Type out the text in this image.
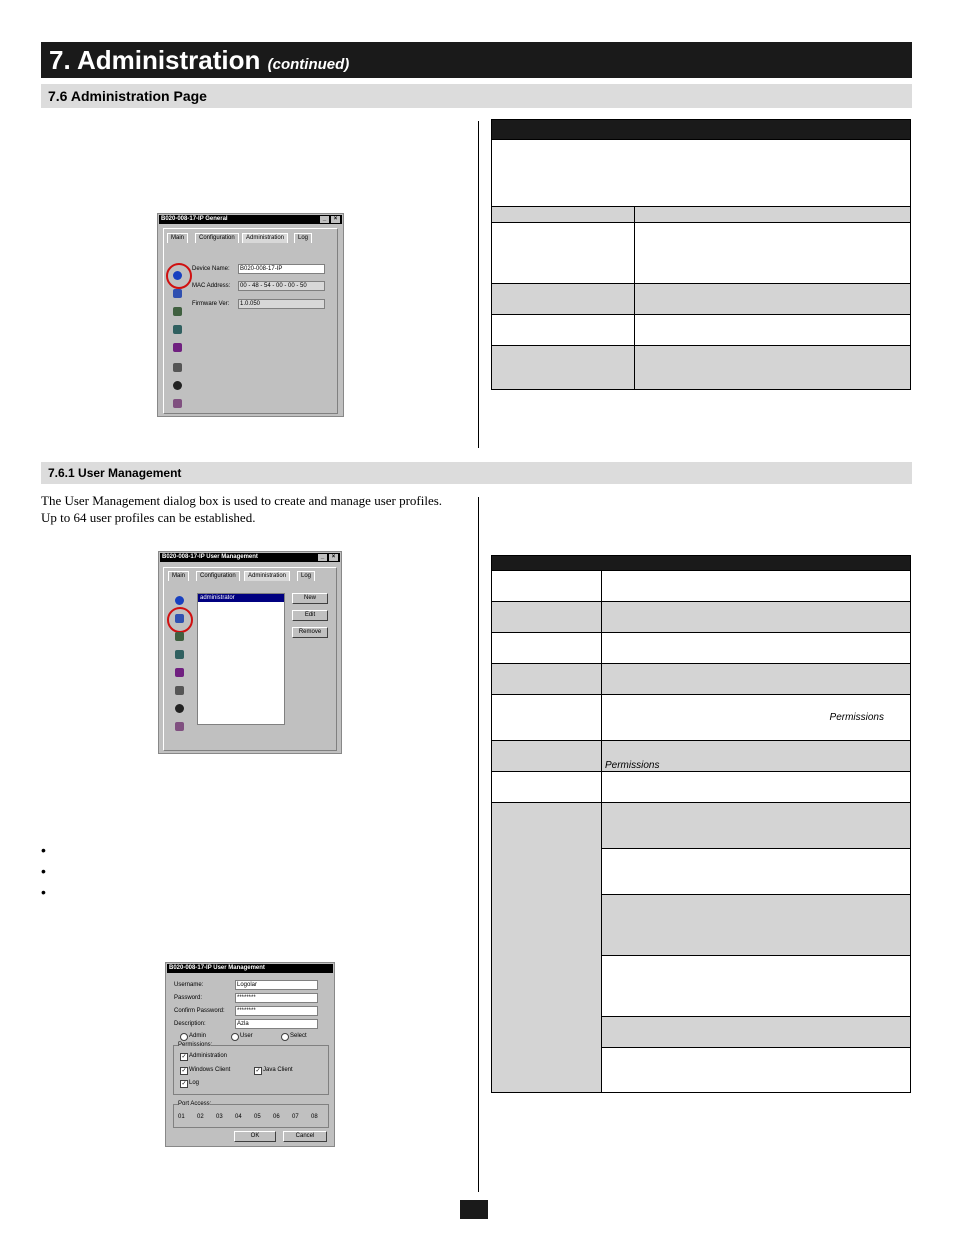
7. Administration (continued)
7.6 Administration Page
B020-008-17-IP General	_	×
Main	Configuration	Administration	Log
Device Name:	B020-008-17-IP
MAC Address:	00 - 48 - 54 - 00 - 00 - 50
Firmware Ver:	1.0.050

7.6.1 User Management
The User Management dialog box is used to create and manage user profiles. Up to 64 user profiles can be established.
B020-008-17-IP User Management	_	×
Main	Configuration	Administration	Log
administrator	New
Edit
Remove
•
•
•
B020-008-17-IP User Management
Username:	Logolar
Password:	********
Confirm Password:	********
Description:	Azla
Admin	User	Select
Permissions:
✓ Administration
✓ Windows Client	✓ Java Client
✓ Log
Port Access:
01 02 03 04 05 06 07 08
OK	Cancel

	Permissions
	Permissions
